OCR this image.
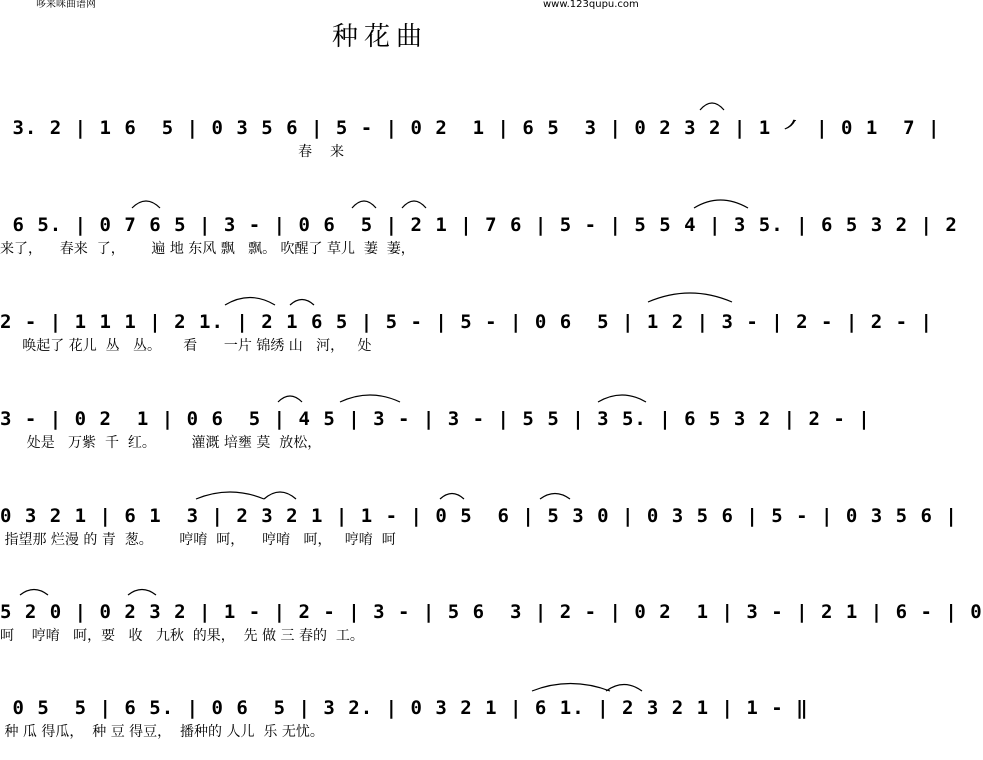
哆来咪曲谱网	www.123qupu.com
种花曲
3. 2 | 1 6  5 | 0 3 5 6 | 5 - | 0 2  1 | 6 5  3 | 0 2 3 2 | 1 ㇒ | 0 1  7 |
春    来
6 5. | 0 7 6 5 | 3 - | 0 6  5 | 2 1 | 7 6 | 5 - | 5 5 4 | 3 5. | 6 5 3 2 | 2
来了，    春来  了，      遍 地 东风 飘   飘。 吹醒了 草儿  萋  萋，
2 - | 1 1 1 | 2 1. | 2 1 6 5 | 5 - | 5 - | 0 6  5 | 1 2 | 3 - | 2 - | 2 - |
唤起了 花儿  丛   丛。     看      一片 锦绣 山   河，   处
3 - | 0 2  1 | 0 6  5 | 4 5 | 3 - | 3 - | 5 5 | 3 5. | 6 5 3 2 | 2 - |
处是   万紫  千  红。        灌溉 培壅 莫  放松，
0 3 2 1 | 6 1  3 | 2 3 2 1 | 1 - | 0 5  6 | 5 3 0 | 0 3 5 6 | 5 - | 0 3 5 6 |
指望那 烂漫 的 青  葱。      哼唷  呵，    哼唷   呵，   哼唷  呵
5 2 0 | 0 2 3 2 | 1 - | 2 - | 3 - | 5 6  3 | 2 - | 0 2  1 | 3 - | 2 1 | 6 - | 0
呵    哼唷   呵，要   收   九秋  的果，  先 做 三 春的  工。
0 5  5 | 6 5. | 0 6  5 | 3 2. | 0 3 2 1 | 6 1. | 2 3 2 1 | 1 - ‖
种 瓜 得瓜，  种 豆 得豆，  播种的 人儿  乐 无忧。
